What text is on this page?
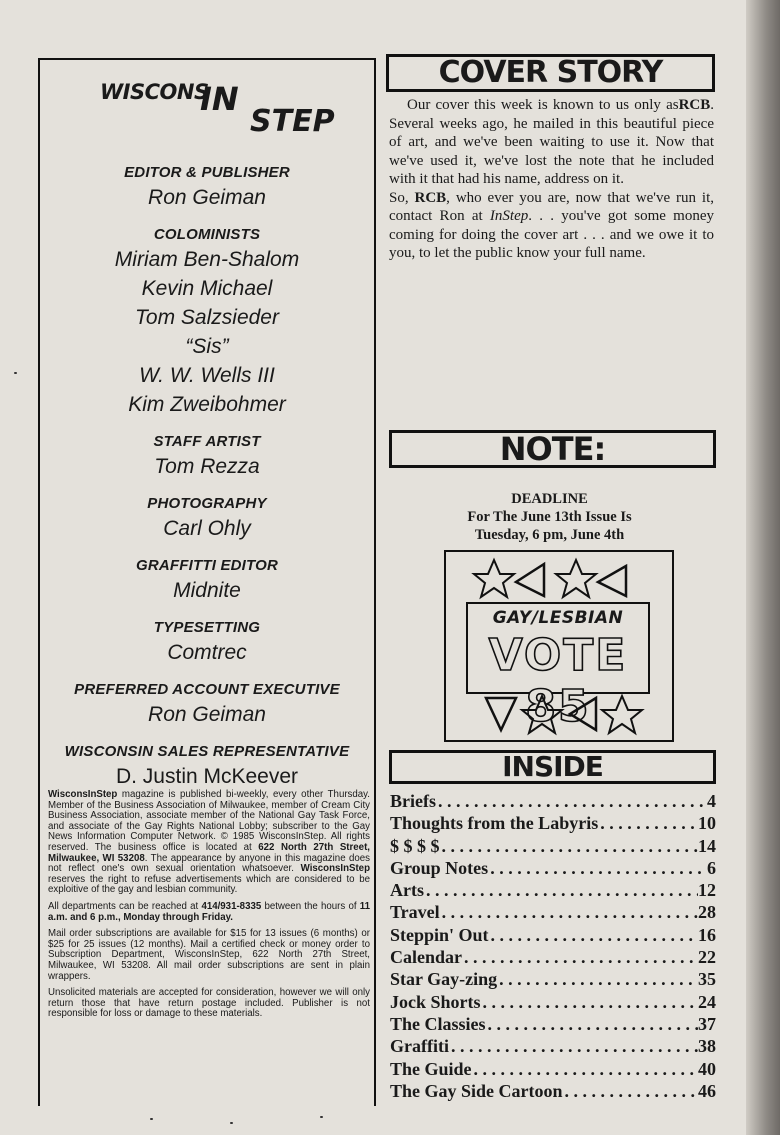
WISCONS
IN
STEP
EDITOR & PUBLISHER
Ron Geiman
COLOMINISTS
Miriam Ben-Shalom
Kevin Michael
Tom Salzsieder
“Sis”
W. W. Wells III
Kim Zweibohmer
STAFF ARTIST
Tom Rezza
PHOTOGRAPHY
Carl Ohly
GRAFFITTI EDITOR
Midnite
TYPESETTING
Comtrec
PREFERRED ACCOUNT EXECUTIVE
Ron Geiman
WISCONSIN SALES REPRESENTATIVE
D. Justin McKeever

WisconsInStep magazine is published bi-weekly, every other Thursday. Member of the Business Association of Milwaukee, member of Cream City Business Association, associate member of the National Gay Task Force, and associate of the Gay Rights National Lobby; subscriber to the Gay News Information Computer Network. © 1985 WisconsInStep. All rights reserved. The business office is located at 622 North 27th Street, Milwaukee, WI 53208. The appearance by anyone in this magazine does not reflect one's own sexual orientation whatsoever. WisconsInStep reserves the right to refuse advertisements which are considered to be exploitive of the gay and lesbian community.

All departments can be reached at 414/931-8335 between the hours of 11 a.m. and 6 p.m., Monday through Friday.

Mail order subscriptions are available for $15 for 13 issues (6 months) or $25 for 25 issues (12 months). Mail a certified check or money order to Subscription Department, WisconsInStep, 622 North 27th Street, Milwaukee, WI 53208. All mail order subscriptions are sent in plain wrappers.

Unsolicited materials are accepted for consideration, however we will only return those that have return postage included. Publisher is not responsible for loss or damage to these materials.

COVER STORY

Our cover this week is known to us only asRCB. Several weeks ago, he mailed in this beautiful piece of art, and we've been waiting to use it. Now that we've used it, we've lost the note that he included with it that had his name, address on it.

So, RCB, who ever you are, now that we've run it, contact Ron at InStep. . . you've got some money coming for doing the cover art . . . and we owe it to you, to let the public know your full name.

NOTE:
DEADLINE
For The June 13th Issue Is
Tuesday, 6 pm, June 4th
GAY/LESBIAN
VOTE 85
INSIDE
Briefs . . .	4
Thoughts from the Labyris . . .	10
$ $ $ $ . . .	14
Group Notes . . .	6
Arts . . .	12
Travel . . .	28
Steppin' Out . . .	16
Calendar . . .	22
Star Gay-zing . . .	35
Jock Shorts . . .	24
The Classies . . .	37
Graffiti . . .	38
The Guide . . .	40
The Gay Side Cartoon . . .	46
